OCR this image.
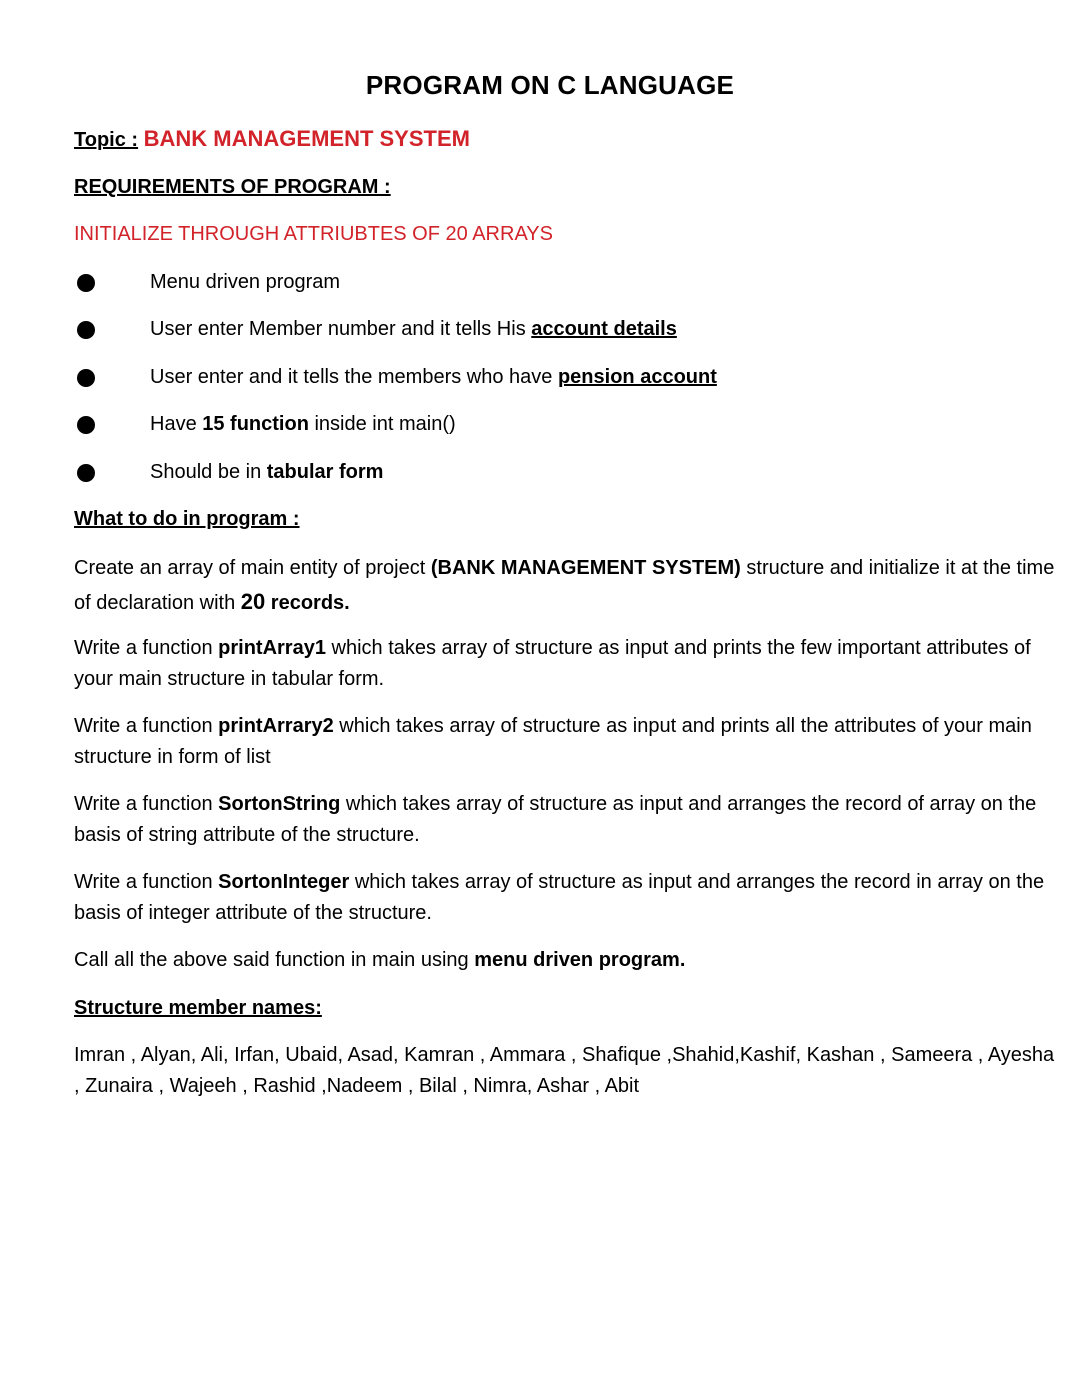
PROGRAM ON C LANGUAGE
Topic : BANK MANAGEMENT SYSTEM
REQUIREMENTS OF PROGRAM :
INITIALIZE THROUGH ATTRIUBTES OF 20 ARRAYS
Menu driven program
User enter Member number and it tells His account details
User enter and it tells the members who have pension account
Have 15 function inside int main()
Should be in tabular form
What to do in program :
Create an array of main entity of project (BANK MANAGEMENT SYSTEM) structure and initialize it at the time of declaration with 20 records.
Write a function printArray1 which takes array of structure as input and prints the few important attributes of your main structure in tabular form.
Write a function printArrary2 which takes array of structure as input and prints all the attributes of your main structure in form of list
Write a function SortonString which takes array of structure as input and arranges the record of array on the basis of string attribute of the structure.
Write a function SortonInteger which takes array of structure as input and arranges the record in array on the basis of integer attribute of the structure.
Call all the above said function in main using menu driven program.
Structure member names:
Imran , Alyan, Ali, Irfan, Ubaid, Asad, Kamran , Ammara , Shafique ,Shahid,Kashif, Kashan , Sameera , Ayesha , Zunaira , Wajeeh , Rashid ,Nadeem , Bilal , Nimra, Ashar , Abit
